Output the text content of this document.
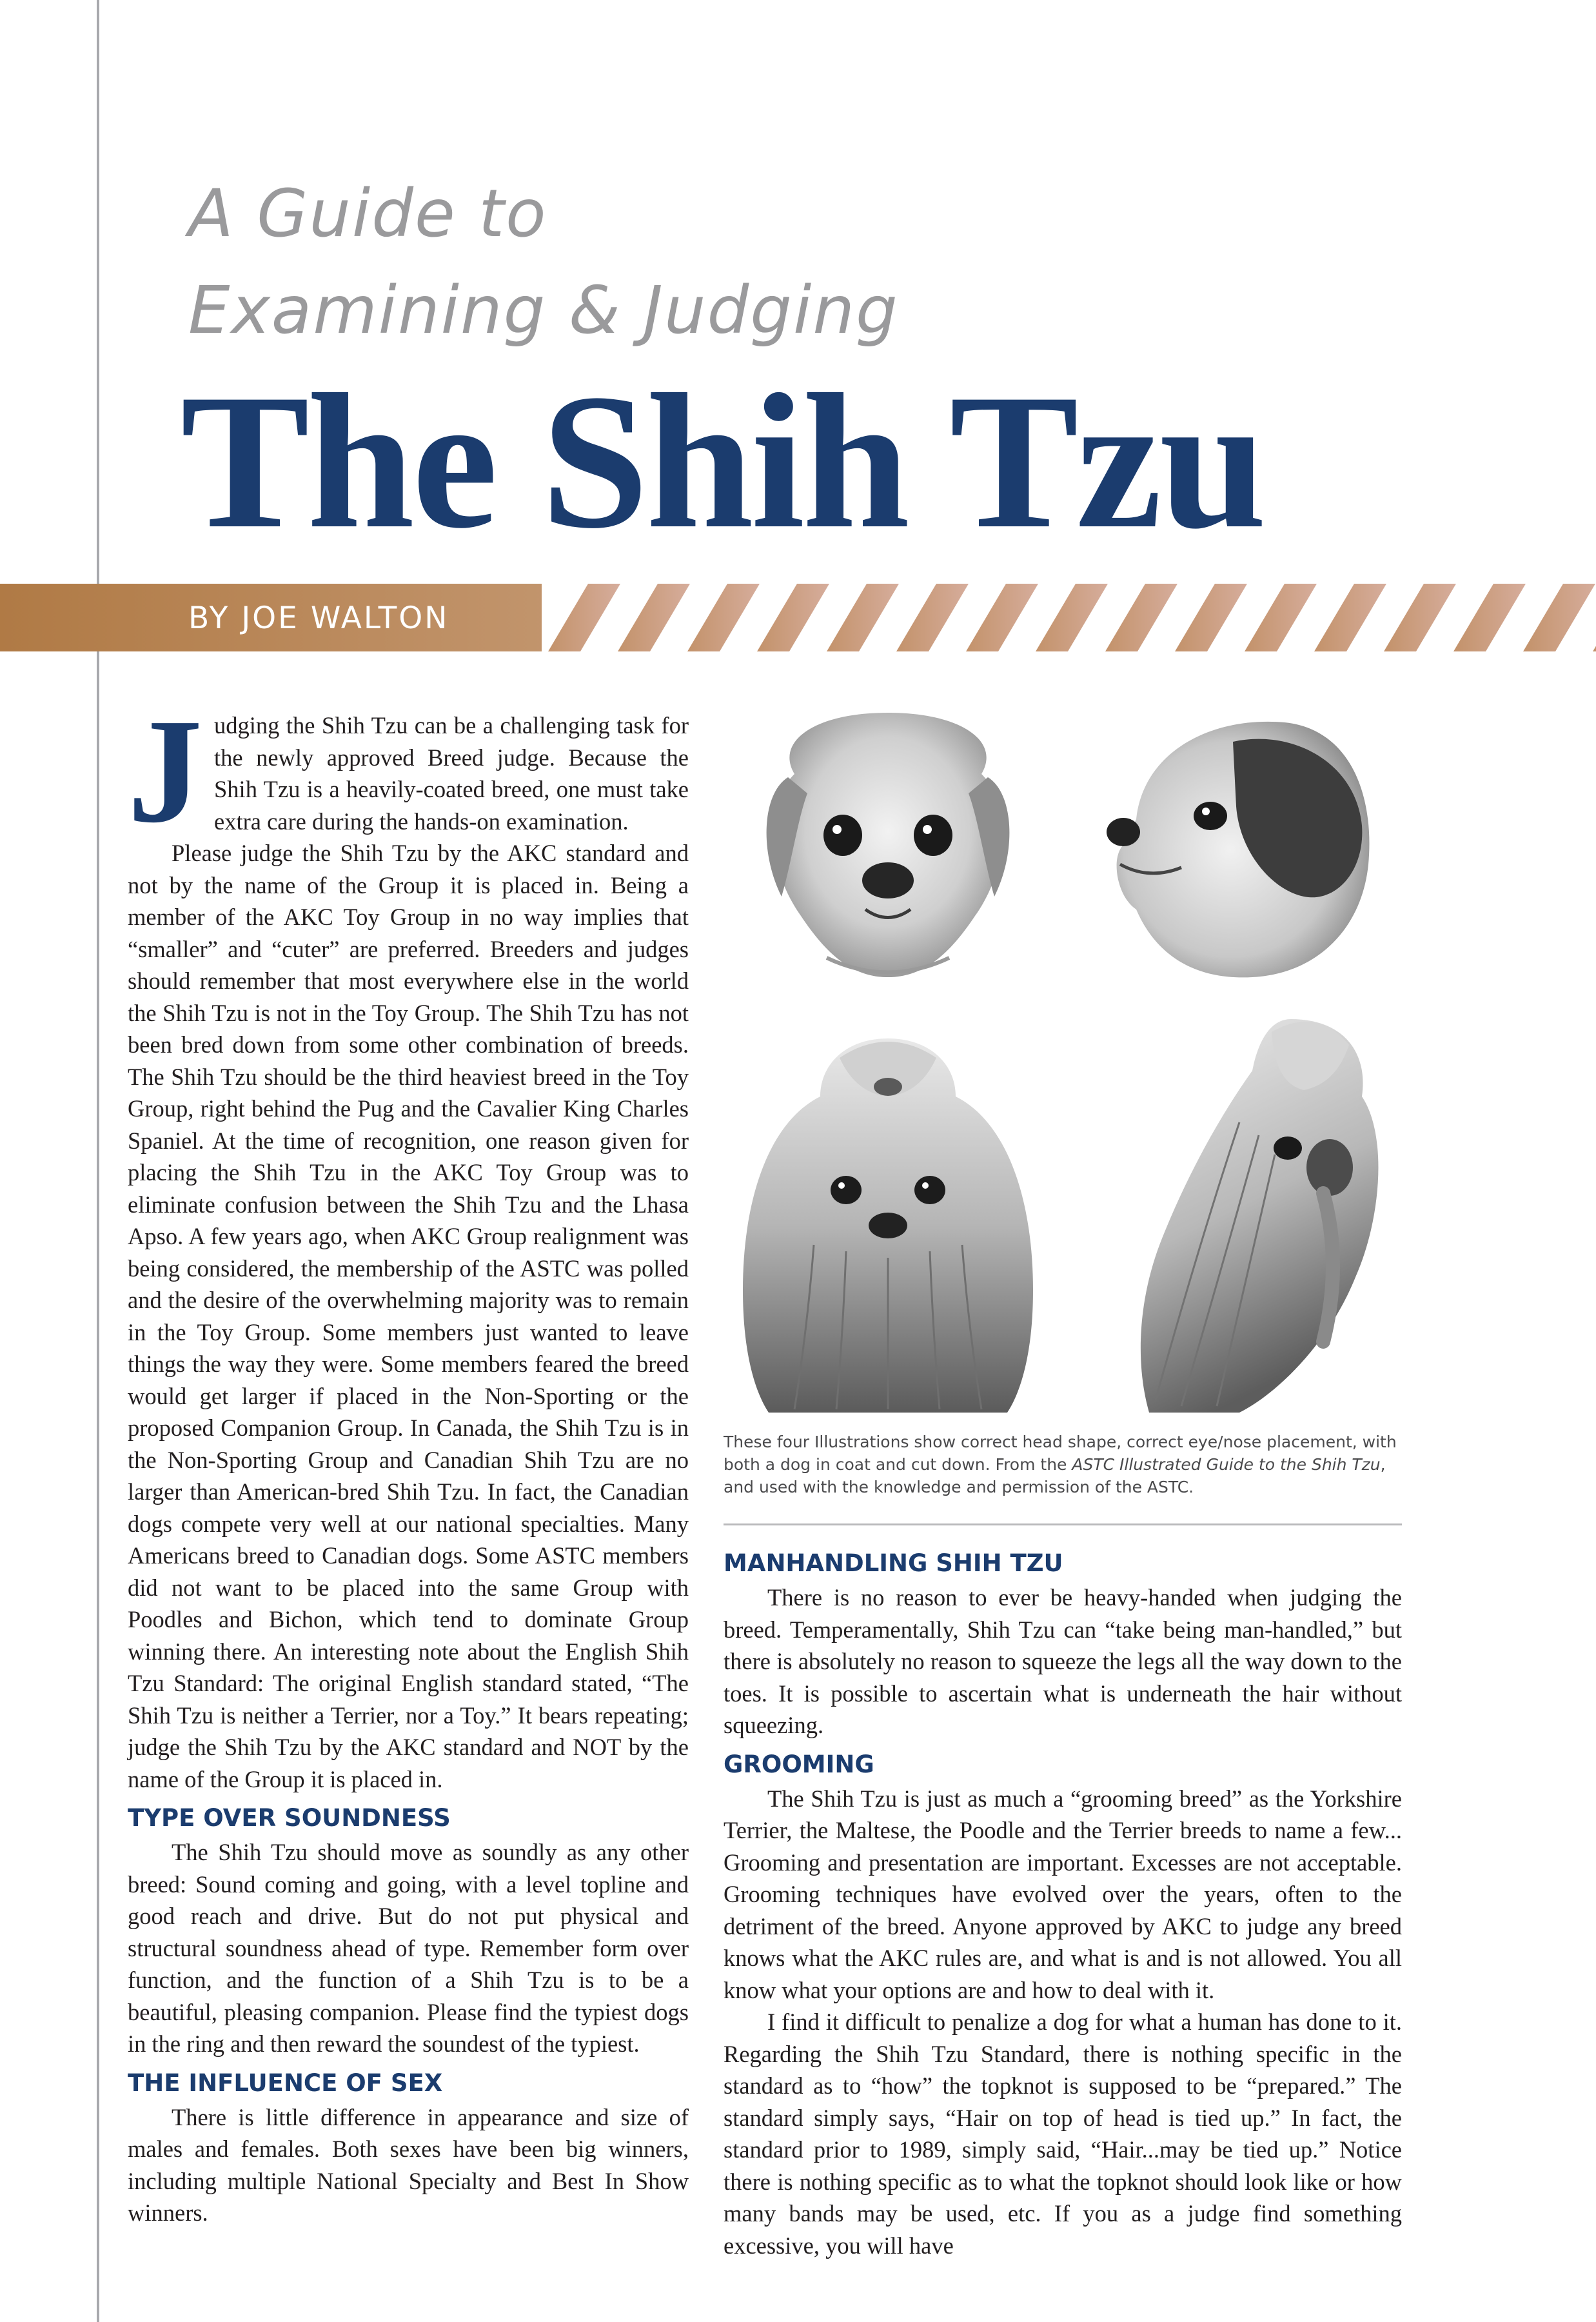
A Guide to
Examining & Judging
The Shih Tzu
BY JOE WALTON

Judging the Shih Tzu can be a challenging task for the newly approved Breed judge. Because the Shih Tzu is a heavily-coated breed, one must take extra care during the hands-on examination.

Please judge the Shih Tzu by the AKC standard and not by the name of the Group it is placed in. Being a member of the AKC Toy Group in no way implies that “smaller” and “cuter” are preferred. Breeders and judges should remember that most everywhere else in the world the Shih Tzu is not in the Toy Group. The Shih Tzu has not been bred down from some other combination of breeds. The Shih Tzu should be the third heaviest breed in the Toy Group, right behind the Pug and the Cavalier King Charles Spaniel. At the time of recognition, one reason given for placing the Shih Tzu in the AKC Toy Group was to eliminate confusion between the Shih Tzu and the Lhasa Apso. A few years ago, when AKC Group realignment was being considered, the membership of the ASTC was polled and the desire of the overwhelming majority was to remain in the Toy Group. Some members just wanted to leave things the way they were. Some members feared the breed would get larger if placed in the Non-Sporting or the proposed Companion Group. In Canada, the Shih Tzu is in the Non-Sporting Group and Canadian Shih Tzu are no larger than American-bred Shih Tzu. In fact, the Canadian dogs compete very well at our national specialties. Many Americans breed to Canadian dogs. Some ASTC members did not want to be placed into the same Group with Poodles and Bichon, which tend to dominate Group winning there. An interesting note about the English Shih Tzu Standard: The original English standard stated, “The Shih Tzu is neither a Terrier, nor a Toy.” It bears repeating; judge the Shih Tzu by the AKC standard and NOT by the name of the Group it is placed in.

TYPE OVER SOUNDNESS

The Shih Tzu should move as soundly as any other breed: Sound coming and going, with a level topline and good reach and drive. But do not put physical and structural soundness ahead of type. Remember form over function, and the function of a Shih Tzu is to be a beautiful, pleasing companion. Please find the typiest dogs in the ring and then reward the soundest of the typiest.

THE INFLUENCE OF SEX

There is little difference in appearance and size of males and females. Both sexes have been big winners, including multiple National Specialty and Best In Show winners.

These four Illustrations show correct head shape, correct eye/nose placement, with both a dog in coat and cut down. From the ASTC Illustrated Guide to the Shih Tzu, and used with the knowledge and permission of the ASTC.
MANHANDLING SHIH TZU

There is no reason to ever be heavy-handed when judging the breed. Temperamentally, Shih Tzu can “take being man-handled,” but there is absolutely no reason to squeeze the legs all the way down to the toes. It is possible to ascertain what is underneath the hair without squeezing.

GROOMING

The Shih Tzu is just as much a “grooming breed” as the Yorkshire Terrier, the Maltese, the Poodle and the Terrier breeds to name a few... Grooming and presentation are important. Excesses are not acceptable. Grooming techniques have evolved over the years, often to the detriment of the breed. Anyone approved by AKC to judge any breed knows what the AKC rules are, and what is and is not allowed. You all know what your options are and how to deal with it.

I find it difficult to penalize a dog for what a human has done to it. Regarding the Shih Tzu Standard, there is nothing specific in the standard as to “how” the topknot is supposed to be “prepared.” The standard simply says, “Hair on top of head is tied up.” In fact, the standard prior to 1989, simply said, “Hair...may be tied up.” Notice there is nothing specific as to what the topknot should look like or how many bands may be used, etc. If you as a judge find something excessive, you will have
